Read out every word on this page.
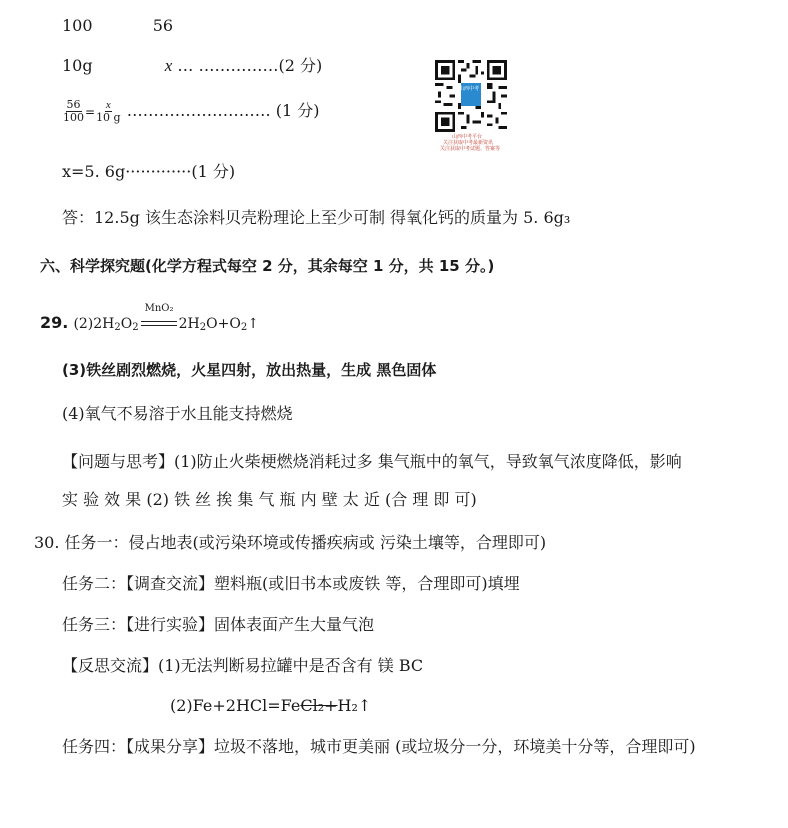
100	56
10g	x … ……………(2 分)
$\frac{56}{100} = \frac{x}{10 g}$ ……………………… (1 分)
x=5. 6g·············(1 分)
答：12.5g 该生态涂料贝壳粉理论上至少可制 得氧化钙的质量为 5. 6g₃
山西中考
山西中考平台
关注获取中考最新资讯
关注获取中考试题、答案等
六、科学探究题(化学方程式每空 2 分，其余每空 1 分，共 15 分。)
29. $(2)2H_2O_2$
MnO₂
$2H_2O+O_2↑$
(3)铁丝剧烈燃烧，火星四射，放出热量，生成 黑色固体
(4)氧气不易溶于水且能支持燃烧
【问题与思考】(1)防止火柴梗燃烧消耗过多 集气瓶中的氧气，导致氧气浓度降低，影响
实 验 效 果 (2) 铁 丝 挨 集 气 瓶 内 壁 太 近 (合 理 即 可)
30. 任务一：侵占地表(或污染环境或传播疾病或 污染土壤等，合理即可)
任务二：【调查交流】塑料瓶(或旧书本或废铁 等，合理即可)填埋
任务三：【进行实验】固体表面产生大量气泡
【反思交流】(1)无法判断易拉罐中是否含有 镁 BC
(2)Fe+2HCl=FeCl₂+H₂↑
任务四：【成果分享】垃圾不落地，城市更美丽 (或垃圾分一分，环境美十分等，合理即可)
